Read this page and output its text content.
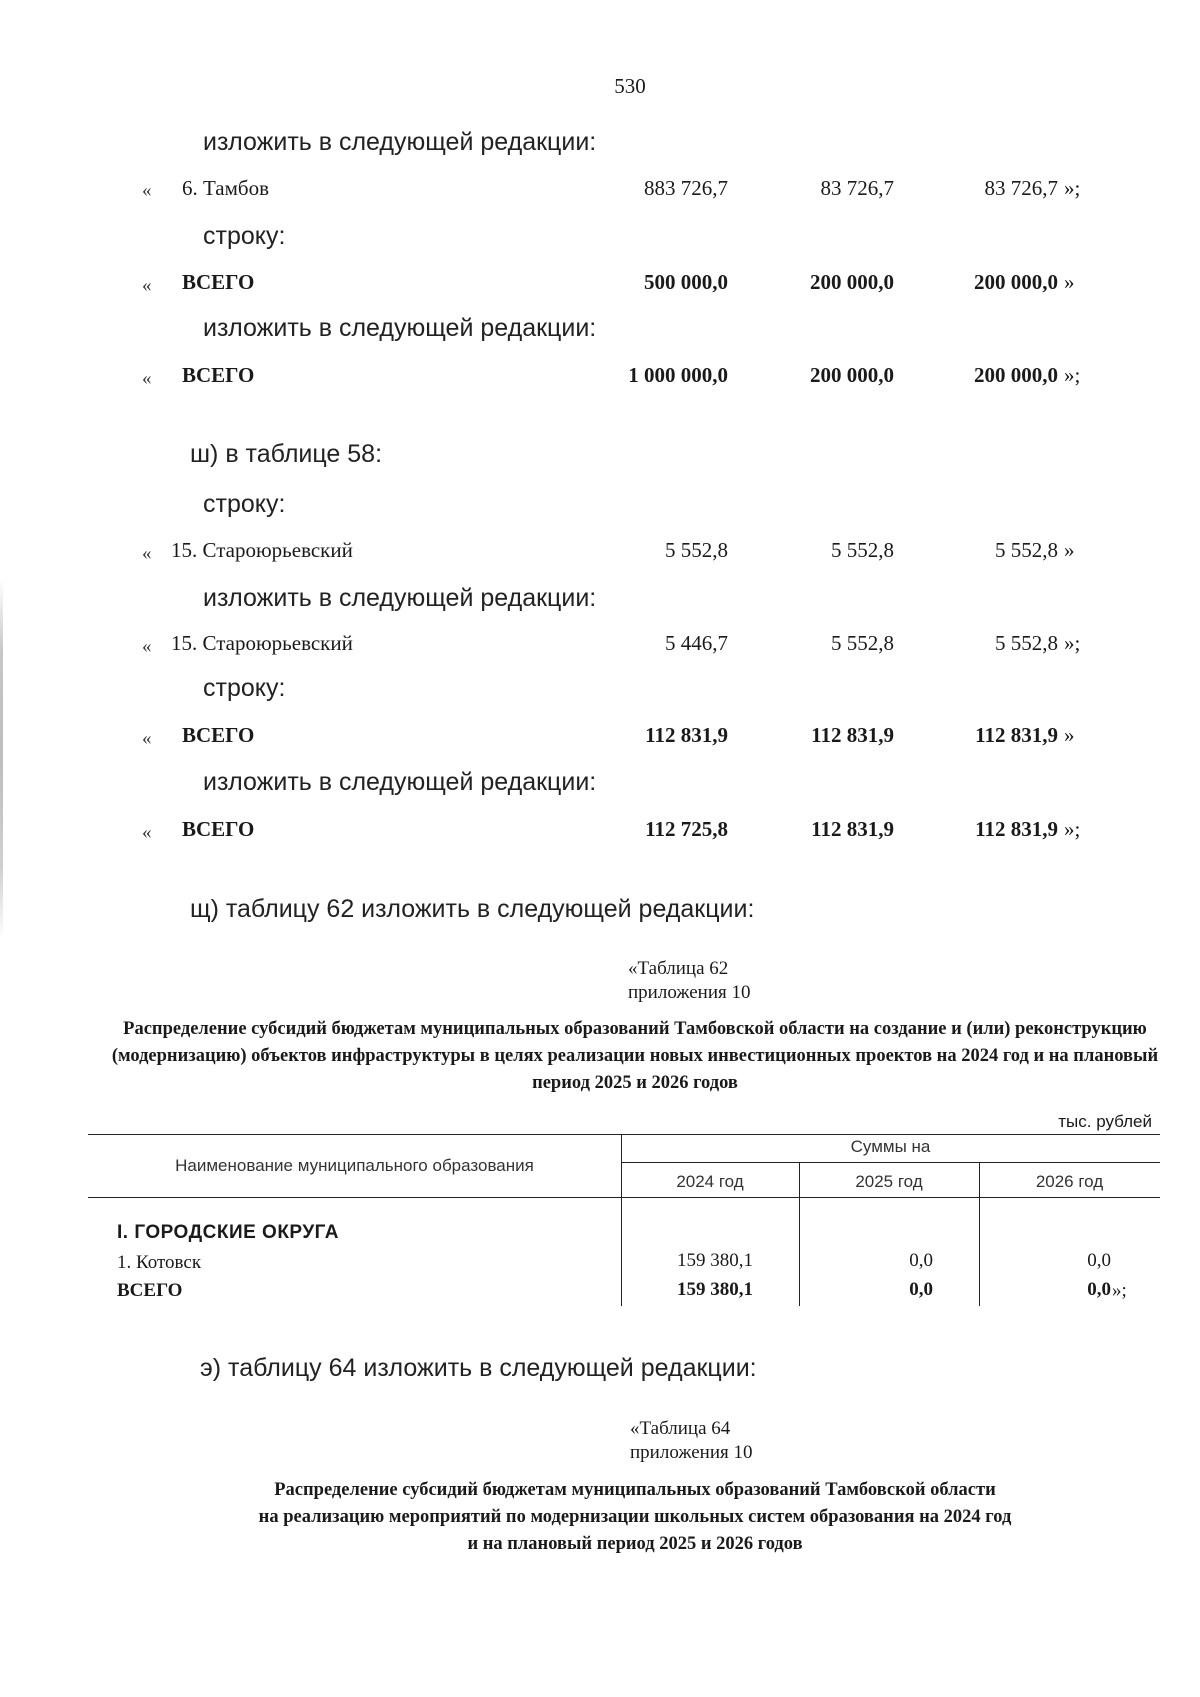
530
изложить в следующей редакции:
« 6. Тамбов	883 726,7	83 726,7	83 726,7 »;
строку:
« ВСЕГО	500 000,0	200 000,0	200 000,0 »
изложить в следующей редакции:
« ВСЕГО	1 000 000,0	200 000,0	200 000,0 »;
ш) в таблице 58:
строку:
« 15. Староюрьевский	5 552,8	5 552,8	5 552,8 »
изложить в следующей редакции:
« 15. Староюрьевский	5 446,7	5 552,8	5 552,8 »;
строку:
« ВСЕГО	112 831,9	112 831,9	112 831,9 »
изложить в следующей редакции:
« ВСЕГО	112 725,8	112 831,9	112 831,9 »;
щ) таблицу 62 изложить в следующей редакции:
«Таблица 62
приложения 10
Распределение субсидий бюджетам муниципальных образований Тамбовской области на создание и (или) реконструкцию (модернизацию) объектов инфраструктуры в целях реализации новых инвестиционных проектов на 2024 год и на плановый период 2025 и 2026 годов
тыс. рублей
Наименование муниципального образования
Суммы на
2024 год	2025 год	2026 год
I. ГОРОДСКИЕ ОКРУГА
1. Котовск	159 380,1	0,0	0,0
ВСЕГО	159 380,1	0,0	0,0 »;
э) таблицу 64 изложить в следующей редакции:
«Таблица 64
приложения 10
Распределение субсидий бюджетам муниципальных образований Тамбовской области
на реализацию мероприятий по модернизации школьных систем образования на 2024 год
и на плановый период 2025 и 2026 годов
